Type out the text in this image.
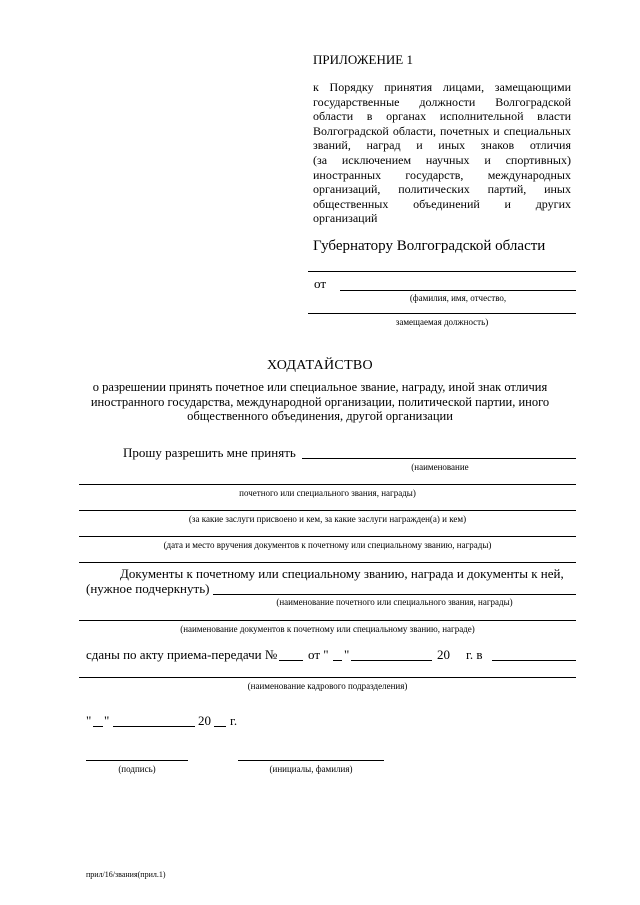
ПРИЛОЖЕНИЕ 1
к Порядку принятия лицами, замещающими
государственные должности Волгоградской
области в органах исполнительной власти
Волгоградской области, почетных и специальных
званий, наград и иных знаков отличия
(за исключением научных и спортивных)
иностранных государств, международных
организаций, политических партий, иных
общественных объединений и других
организаций
Губернатору Волгоградской области
от
(фамилия, имя, отчество,
замещаемая должность)
ХОДАТАЙСТВО
о разрешении принять почетное или специальное звание, награду, иной знак отличия
иностранного государства, международной организации, политической партии, иного
общественного объединения, другой организации
Прошу разрешить мне принять
(наименование
почетного или специального звания, награды)
(за какие заслуги присвоено и кем, за какие заслуги награжден(а) и кем)
(дата и место вручения документов к почетному или специальному званию, награды)
Документы к почетному или специальному званию, награда и документы к ней,
(нужное подчеркнуть)
(наименование почетного или специального звания, награды)
(наименование документов к почетному или специальному званию, награде)
сданы по акту приема-передачи № от " "	20 г. в
(наименование кадрового подразделения)
" "	20 г.
(подпись)	(инициалы, фамилия)
прил/16/звания(прил.1)
